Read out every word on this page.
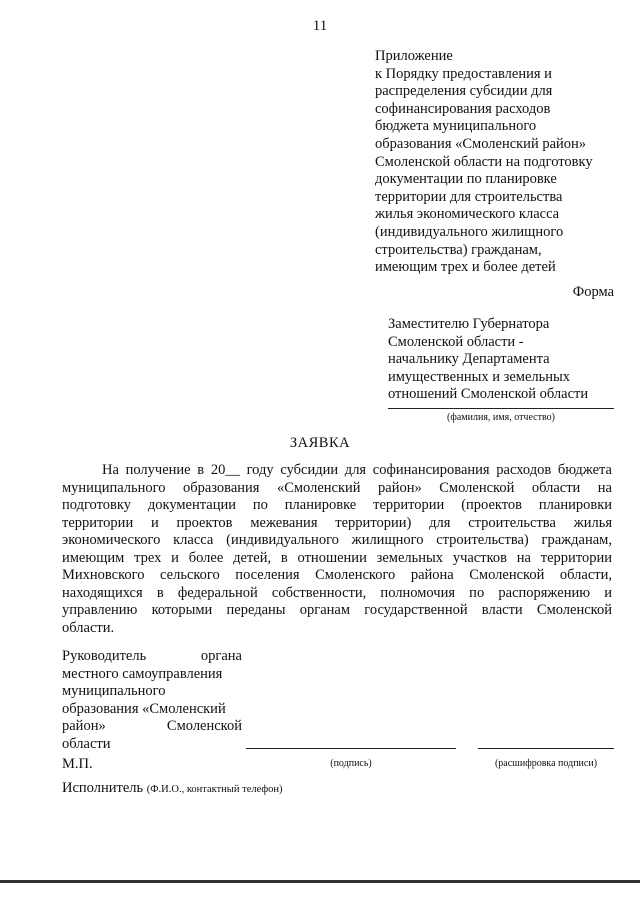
11
Приложение
к Порядку предоставления и
распределения субсидии для
софинансирования расходов
бюджета муниципального
образования «Смоленский район»
Смоленской области на подготовку
документации по планировке
территории для строительства
жилья экономического класса
(индивидуального жилищного
строительства) гражданам,
имеющим трех и более детей
Форма
Заместителю Губернатора
Смоленской области -
начальнику Департамента
имущественных и земельных
отношений Смоленской области
(фамилия, имя, отчество)
ЗАЯВКА
На получение в 20__ году субсидии для софинансирования расходов бюджета
муниципального образования «Смоленский район» Смоленской области на
подготовку документации по планировке территории (проектов планировки
территории и проектов межевания территории) для строительства жилья
экономического класса (индивидуального жилищного строительства) гражданам,
имеющим трех и более детей, в отношении земельных участков на территории
Михновского сельского поселения Смоленского района Смоленской области,
находящихся в федеральной собственности, полномочия по распоряжению и
управлению которыми переданы органам государственной власти Смоленской
области.
Руководитель органа
местного самоуправления
муниципального
образования «Смоленский
район» Смоленской
области
(подпись)	(расшифровка подписи)
М.П.
Исполнитель (Ф.И.О., контактный телефон)
